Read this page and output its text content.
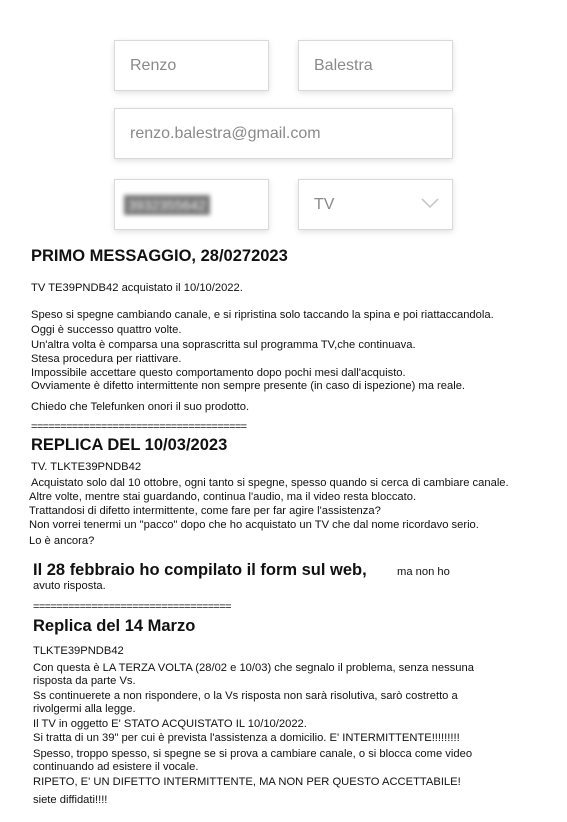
Renzo	Balestra
renzo.balestra@gmail.com
3932355642	TV
PRIMO MESSAGGIO, 28/0272023
TV TE39PNDB42 acquistato il 10/10/2022.
Speso si spegne cambiando canale, e si ripristina solo taccando la spina e poi riattaccandola.
Oggi è successo quattro volte.
Un'altra volta è comparsa una soprascritta sul programma TV,che continuava.
Stesa procedura per riattivare.
Impossibile accettare questo comportamento dopo pochi mesi dall'acquisto.
Ovviamente è difetto intermittente non sempre presente (in caso di ispezione) ma reale.
Chiedo che Telefunken onori il suo prodotto.
=====================================
REPLICA DEL 10/03/2023
TV. TLKTE39PNDB42
Acquistato solo dal 10 ottobre, ogni tanto si spegne, spesso quando si cerca di cambiare canale.
Altre volte, mentre stai guardando, continua l'audio, ma il video resta bloccato.
Trattandosi di difetto intermittente, come fare per far agire l'assistenza?
Non vorrei tenermi un "pacco" dopo che ho acquistato un TV che dal nome ricordavo serio.
Lo è ancora?
Il 28 febbraio ho compilato il form sul web,	ma non ho
avuto risposta.
==================================
Replica del 14 Marzo
TLKTE39PNDB42
Con questa è LA TERZA VOLTA (28/02 e 10/03) che segnalo il problema, senza nessuna
risposta da parte Vs.
Ss continuerete a non rispondere, o la Vs risposta non sarà risolutiva, sarò costretto a
rivolgermi alla legge.
Il TV in oggetto E' STATO ACQUISTATO IL 10/10/2022.
Si tratta di un 39" per cui è prevista l'assistenza a domicilio. E' INTERMITTENTE!!!!!!!!!
Spesso, troppo spesso, si spegne se si prova a cambiare canale, o si blocca come video
continuando ad esistere il vocale.
RIPETO, E' UN DIFETTO INTERMITTENTE, MA NON PER QUESTO ACCETTABILE!
siete diffidati!!!!
